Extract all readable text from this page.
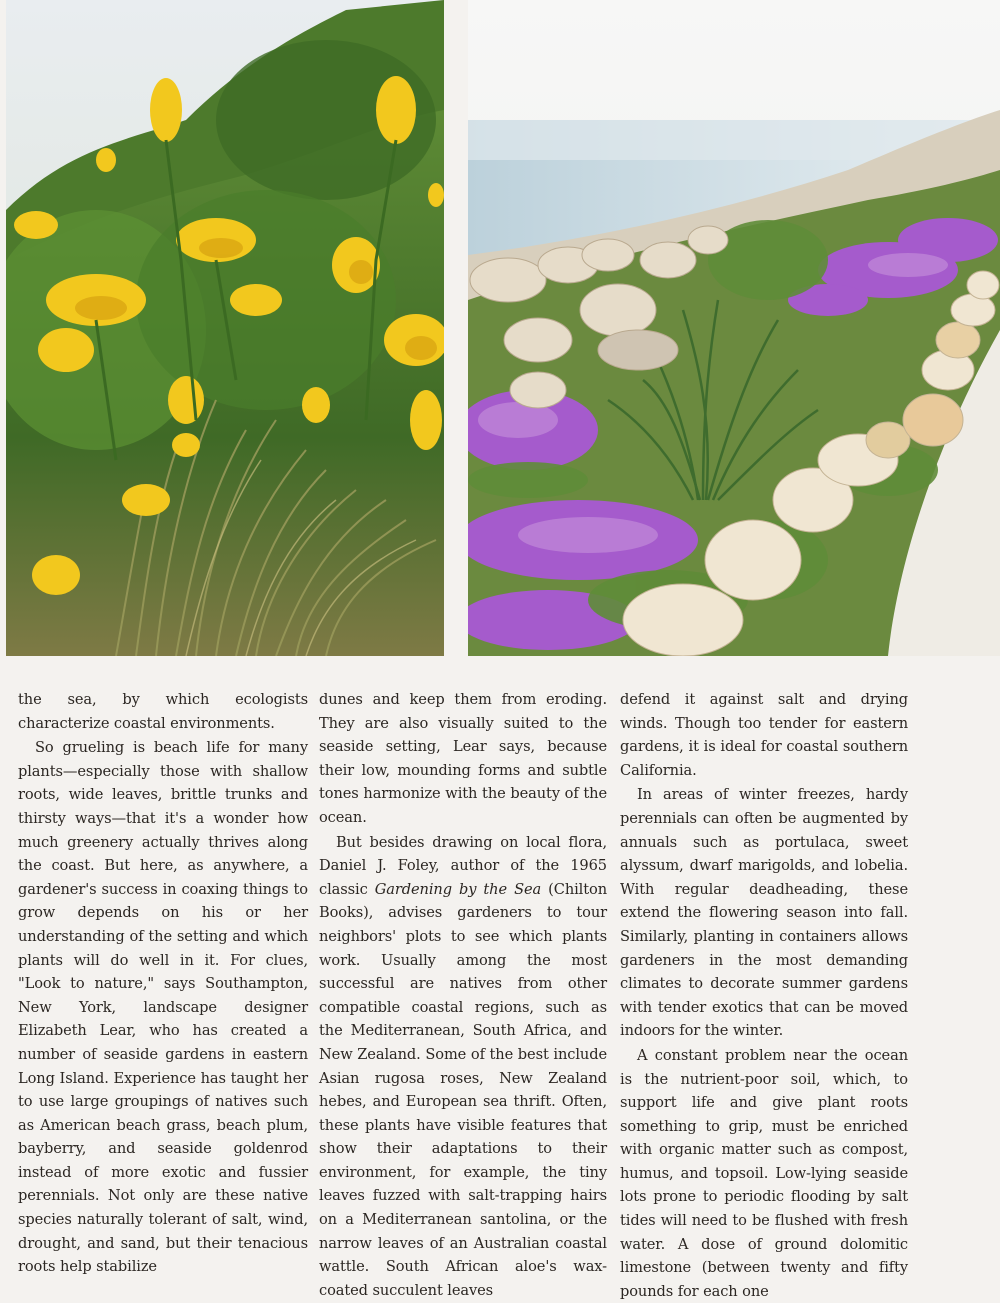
the sea, by which ecologists characterize coastal environments.

So grueling is beach life for many plants—especially those with shallow roots, wide leaves, brittle trunks and thirsty ways—that it's a wonder how much greenery actually thrives along the coast. But here, as anywhere, a gardener's success in coaxing things to grow depends on his or her understanding of the setting and which plants will do well in it. For clues, "Look to nature," says Southampton, New York, landscape designer Elizabeth Lear, who has created a number of seaside gardens in eastern Long Island. Experience has taught her to use large groupings of natives such as American beach grass, beach plum, bayberry, and seaside goldenrod instead of more exotic and fussier perennials. Not only are these native species naturally tolerant of salt, wind, drought, and sand, but their tenacious roots help stabilize

dunes and keep them from eroding. They are also visually suited to the seaside setting, Lear says, because their low, mounding forms and subtle tones harmonize with the beauty of the ocean.

But besides drawing on local flora, Daniel J. Foley, author of the 1965 classic Gardening by the Sea (Chilton Books), advises gardeners to tour neighbors' plots to see which plants work. Usually among the most successful are natives from other compatible coastal regions, such as the Mediterranean, South Africa, and New Zealand. Some of the best include Asian rugosa roses, New Zealand hebes, and European sea thrift. Often, these plants have visible features that show their adaptations to their environment, for example, the tiny leaves fuzzed with salt-trapping hairs on a Mediterranean santolina, or the narrow leaves of an Australian coastal wattle. South African aloe's wax-coated succulent leaves

defend it against salt and drying winds. Though too tender for eastern gardens, it is ideal for coastal southern California.

In areas of winter freezes, hardy perennials can often be augmented by annuals such as portulaca, sweet alyssum, dwarf marigolds, and lobelia. With regular deadheading, these extend the flowering season into fall. Similarly, planting in containers allows gardeners in the most demanding climates to decorate summer gardens with tender exotics that can be moved indoors for the winter.

A constant problem near the ocean is the nutrient-poor soil, which, to support life and give plant roots something to grip, must be enriched with organic matter such as compost, humus, and topsoil. Low-lying seaside lots prone to periodic flooding by salt tides will need to be flushed with fresh water. A dose of ground dolomitic limestone (between twenty and fifty pounds for each one
